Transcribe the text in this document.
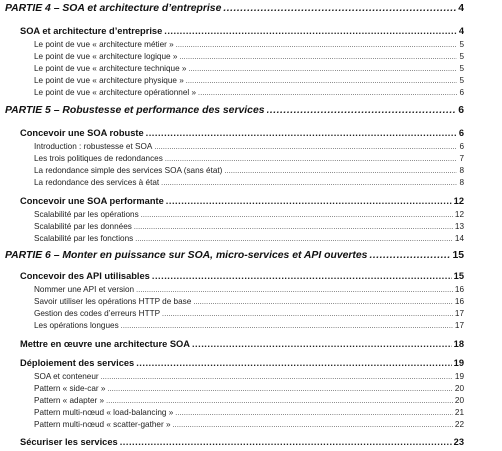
PARTIE 4 – SOA et architecture d’entreprise .....	4
SOA et architecture d’entreprise .....	4
Le point de vue « architecture métier » .....	5
Le point de vue « architecture logique » .....	5
Le point de vue « architecture technique » .....	5
Le point de vue « architecture physique » .....	5
Le point de vue « architecture opérationnel » .....	6
PARTIE 5 – Robustesse et performance des services .....	6
Concevoir une SOA robuste .....	6
Introduction : robustesse et SOA .....	6
Les trois politiques de redondances .....	7
La redondance simple des services SOA (sans état) .....	8
La redondance des services à état .....	8
Concevoir une SOA performante .....	12
Scalabilité par les opérations .....	12
Scalabilité par les données .....	13
Scalabilité par les fonctions .....	14
PARTIE 6 – Monter en puissance sur SOA, micro-services et API ouvertes .....	15
Concevoir des API utilisables .....	15
Nommer une API et version .....	16
Savoir utiliser les opérations HTTP de base .....	16
Gestion des codes d’erreurs HTTP .....	17
Les opérations longues .....	17
Mettre en œuvre une architecture SOA .....	18
Déploiement des services .....	19
SOA et conteneur .....	19
Pattern « side-car » .....	20
Pattern « adapter » .....	20
Pattern multi-nœud « load-balancing » .....	21
Pattern multi-nœud « scatter-gather » .....	22
Sécuriser les services .....	23
